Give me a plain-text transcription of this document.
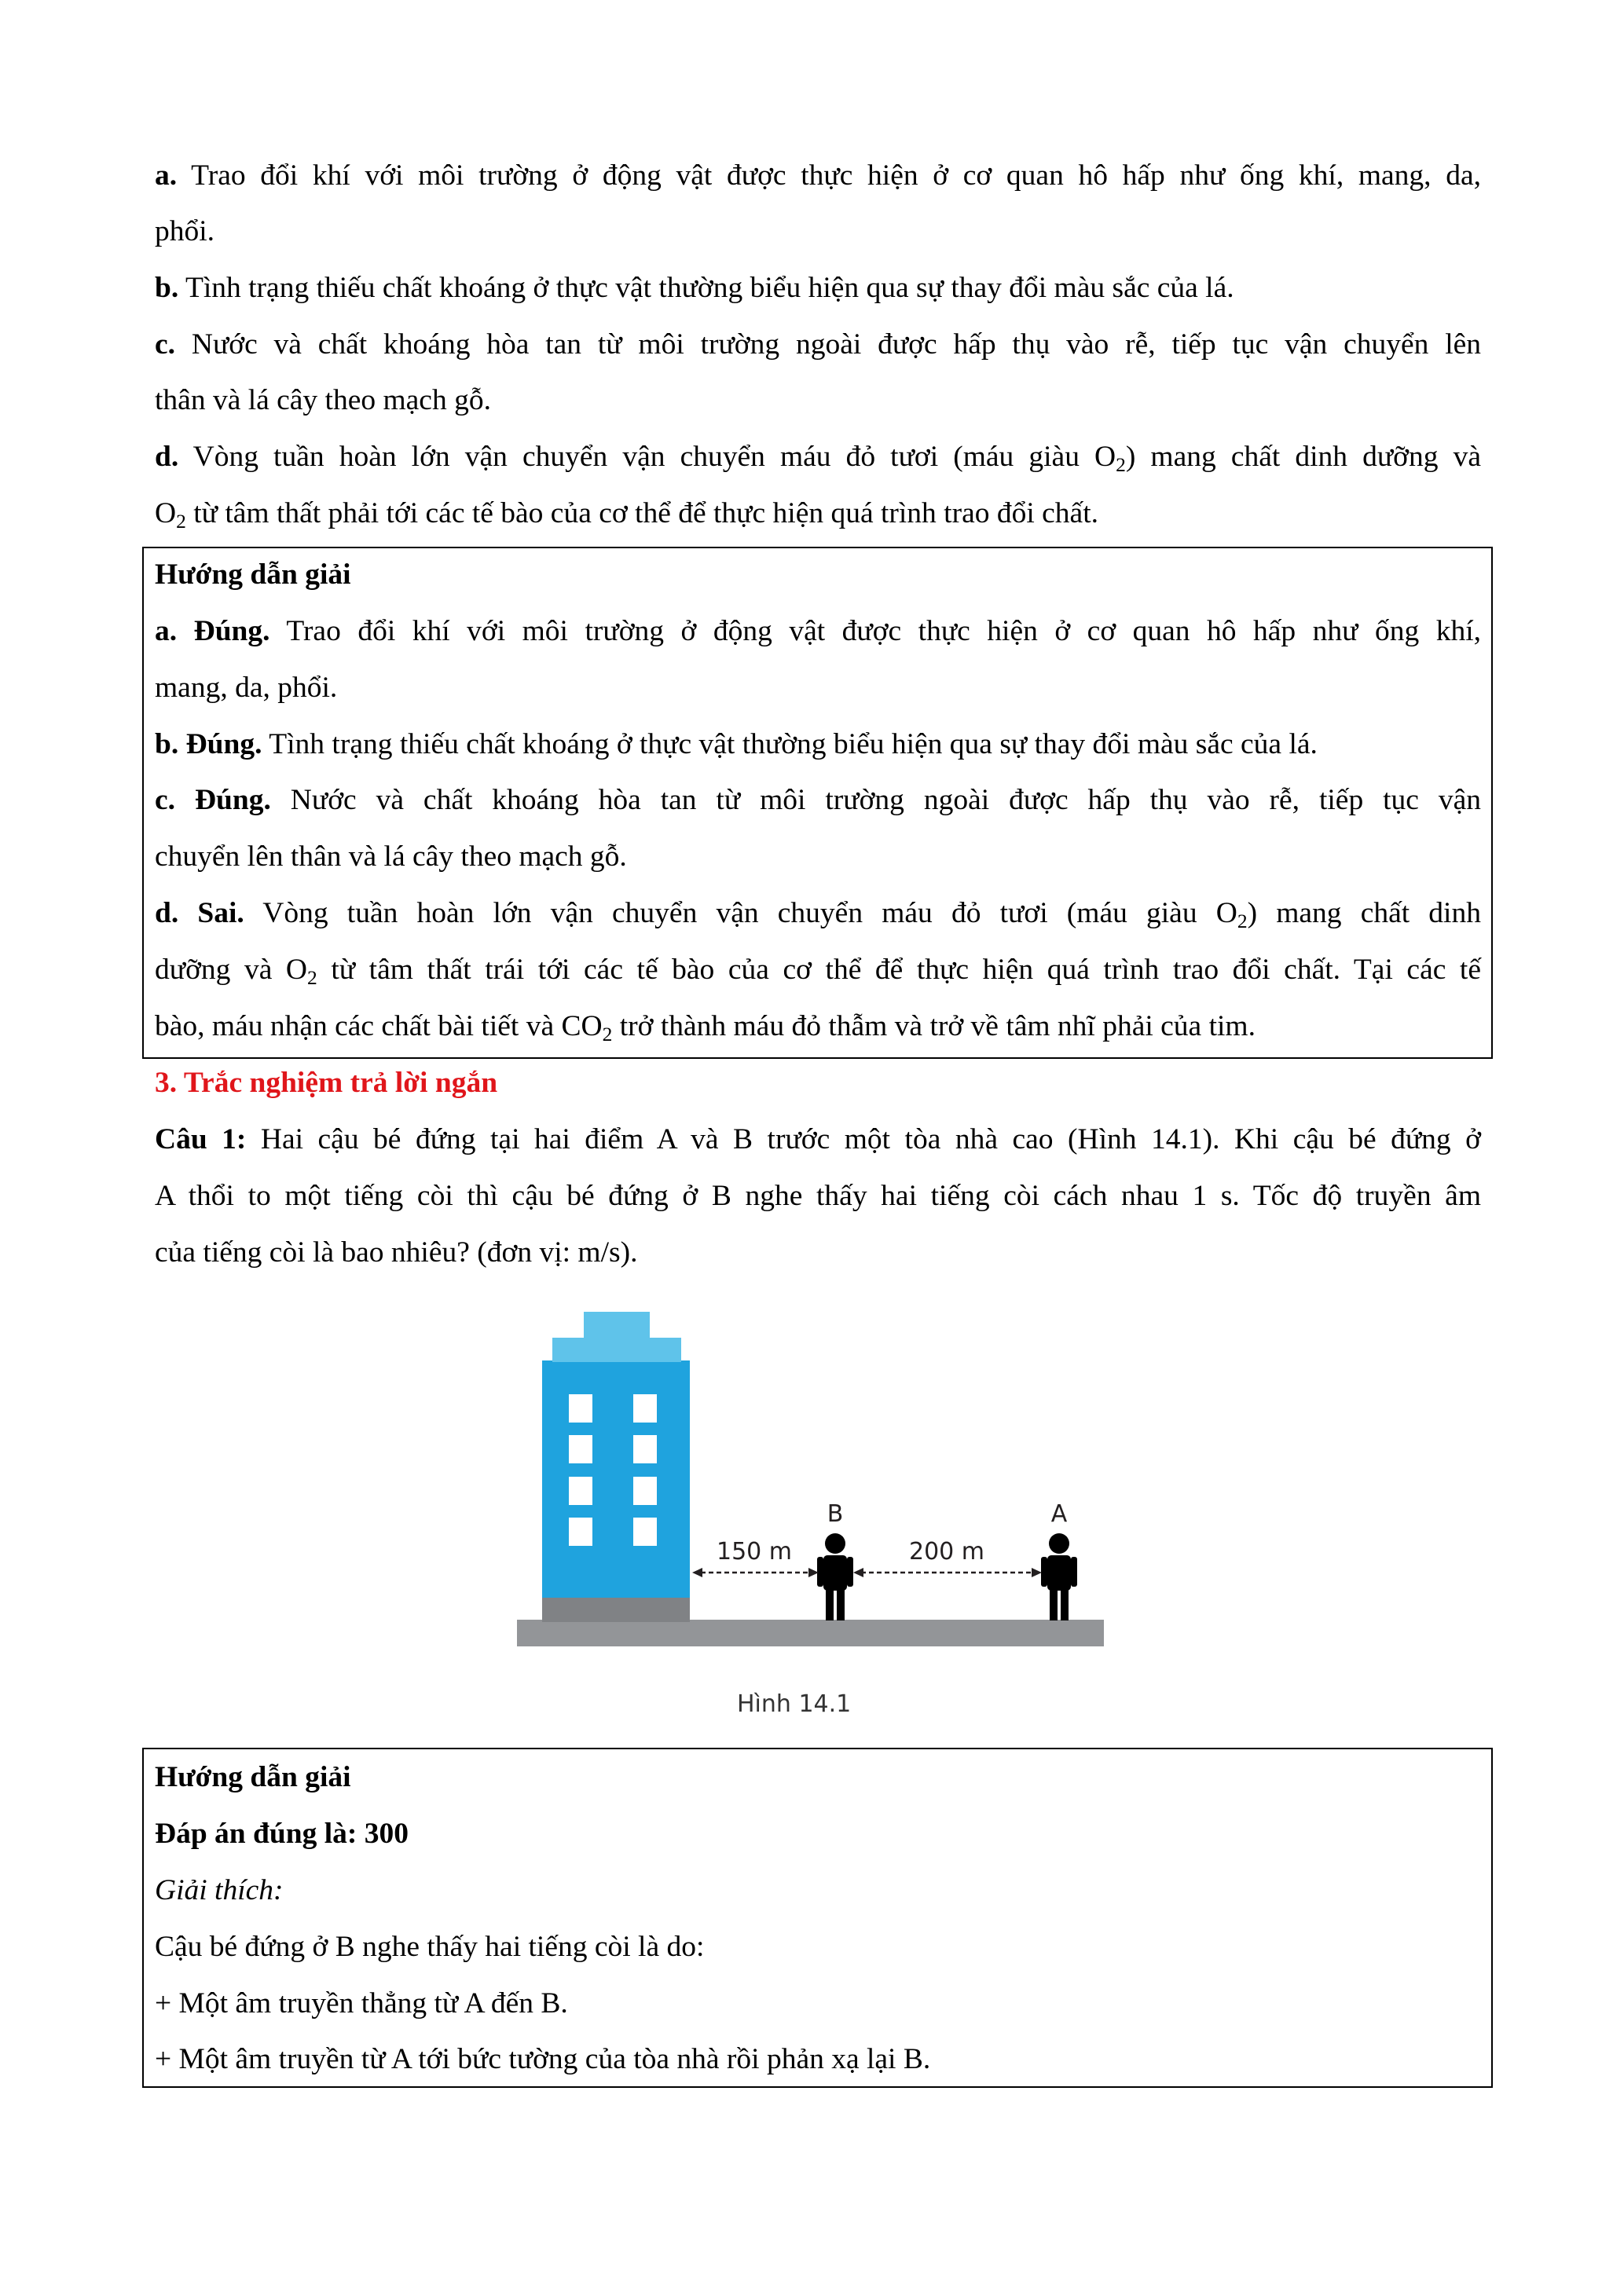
a. Trao đổi khí với môi trường ở động vật được thực hiện ở cơ quan hô hấp như ống khí, mang, da,
phổi.
b. Tình trạng thiếu chất khoáng ở thực vật thường biểu hiện qua sự thay đổi màu sắc của lá.
c. Nước và chất khoáng hòa tan từ môi trường ngoài được hấp thụ vào rễ, tiếp tục vận chuyển lên
thân và lá cây theo mạch gỗ.
d. Vòng tuần hoàn lớn vận chuyển vận chuyển máu đỏ tươi (máu giàu $O_2$) mang chất dinh dưỡng và
$O_2$ từ tâm thất phải tới các tế bào của cơ thể để thực hiện quá trình trao đổi chất.
Hướng dẫn giải
a. Đúng. Trao đổi khí với môi trường ở động vật được thực hiện ở cơ quan hô hấp như ống khí,
mang, da, phổi.
b. Đúng. Tình trạng thiếu chất khoáng ở thực vật thường biểu hiện qua sự thay đổi màu sắc của lá.
c. Đúng. Nước và chất khoáng hòa tan từ môi trường ngoài được hấp thụ vào rễ, tiếp tục vận
chuyển lên thân và lá cây theo mạch gỗ.
d. Sai. Vòng tuần hoàn lớn vận chuyển vận chuyển máu đỏ tươi (máu giàu $O_2$) mang chất dinh
dưỡng và $O_2$ từ tâm thất trái tới các tế bào của cơ thể để thực hiện quá trình trao đổi chất. Tại các tế
bào, máu nhận các chất bài tiết và $CO_2$ trở thành máu đỏ thẫm và trở về tâm nhĩ phải của tim.
3. Trắc nghiệm trả lời ngắn
Câu 1: Hai cậu bé đứng tại hai điểm A và B trước một tòa nhà cao (Hình 14.1). Khi cậu bé đứng ở
A thổi to một tiếng còi thì cậu bé đứng ở B nghe thấy hai tiếng còi cách nhau 1 s. Tốc độ truyền âm
của tiếng còi là bao nhiêu? (đơn vị: m/s).
B	A
150 m	200 m
Hình 14.1
Hướng dẫn giải
Đáp án đúng là: 300
Giải thích:
Cậu bé đứng ở B nghe thấy hai tiếng còi là do:
+ Một âm truyền thẳng từ A đến B.
+ Một âm truyền từ A tới bức tường của tòa nhà rồi phản xạ lại B.
